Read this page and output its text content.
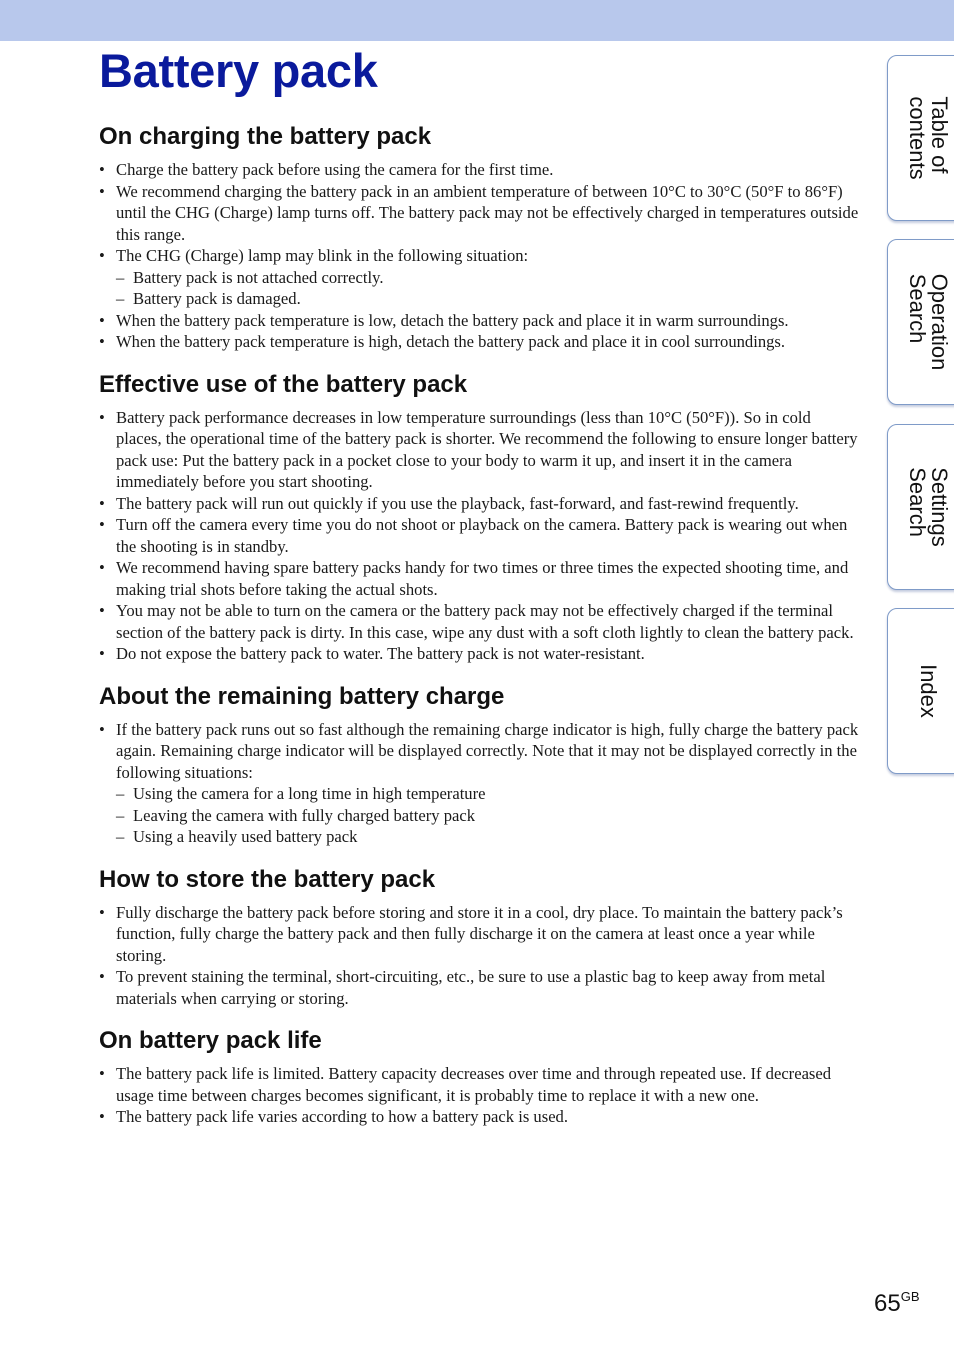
Battery pack
On charging the battery pack
• Charge the battery pack before using the camera for the first time.
• We recommend charging the battery pack in an ambient temperature of between 10°C to 30°C (50°F to 86°F) until the CHG (Charge) lamp turns off. The battery pack may not be effectively charged in temperatures outside this range.
• The CHG (Charge) lamp may blink in the following situation:
– Battery pack is not attached correctly.
– Battery pack is damaged.
• When the battery pack temperature is low, detach the battery pack and place it in warm surroundings.
• When the battery pack temperature is high, detach the battery pack and place it in cool surroundings.
Effective use of the battery pack
• Battery pack performance decreases in low temperature surroundings (less than 10°C (50°F)). So in cold places, the operational time of the battery pack is shorter. We recommend the following to ensure longer battery pack use: Put the battery pack in a pocket close to your body to warm it up, and insert it in the camera immediately before you start shooting.
• The battery pack will run out quickly if you use the playback, fast-forward, and fast-rewind frequently.
• Turn off the camera every time you do not shoot or playback on the camera. Battery pack is wearing out when the shooting is in standby.
• We recommend having spare battery packs handy for two times or three times the expected shooting time, and making trial shots before taking the actual shots.
• You may not be able to turn on the camera or the battery pack may not be effectively charged if the terminal section of the battery pack is dirty. In this case, wipe any dust with a soft cloth lightly to clean the battery pack.
• Do not expose the battery pack to water. The battery pack is not water-resistant.
About the remaining battery charge
• If the battery pack runs out so fast although the remaining charge indicator is high, fully charge the battery pack again. Remaining charge indicator will be displayed correctly. Note that it may not be displayed correctly in the following situations:
– Using the camera for a long time in high temperature
– Leaving the camera with fully charged battery pack
– Using a heavily used battery pack
How to store the battery pack
• Fully discharge the battery pack before storing and store it in a cool, dry place. To maintain the battery pack’s function, fully charge the battery pack and then fully discharge it on the camera at least once a year while storing.
• To prevent staining the terminal, short-circuiting, etc., be sure to use a plastic bag to keep away from metal materials when carrying or storing.
On battery pack life
• The battery pack life is limited. Battery capacity decreases over time and through repeated use. If decreased usage time between charges becomes significant, it is probably time to replace it with a new one.
• The battery pack life varies according to how a battery pack is used.
Table of
contents
Operation
Search
Settings
Search
Index
$65^{GB}$
